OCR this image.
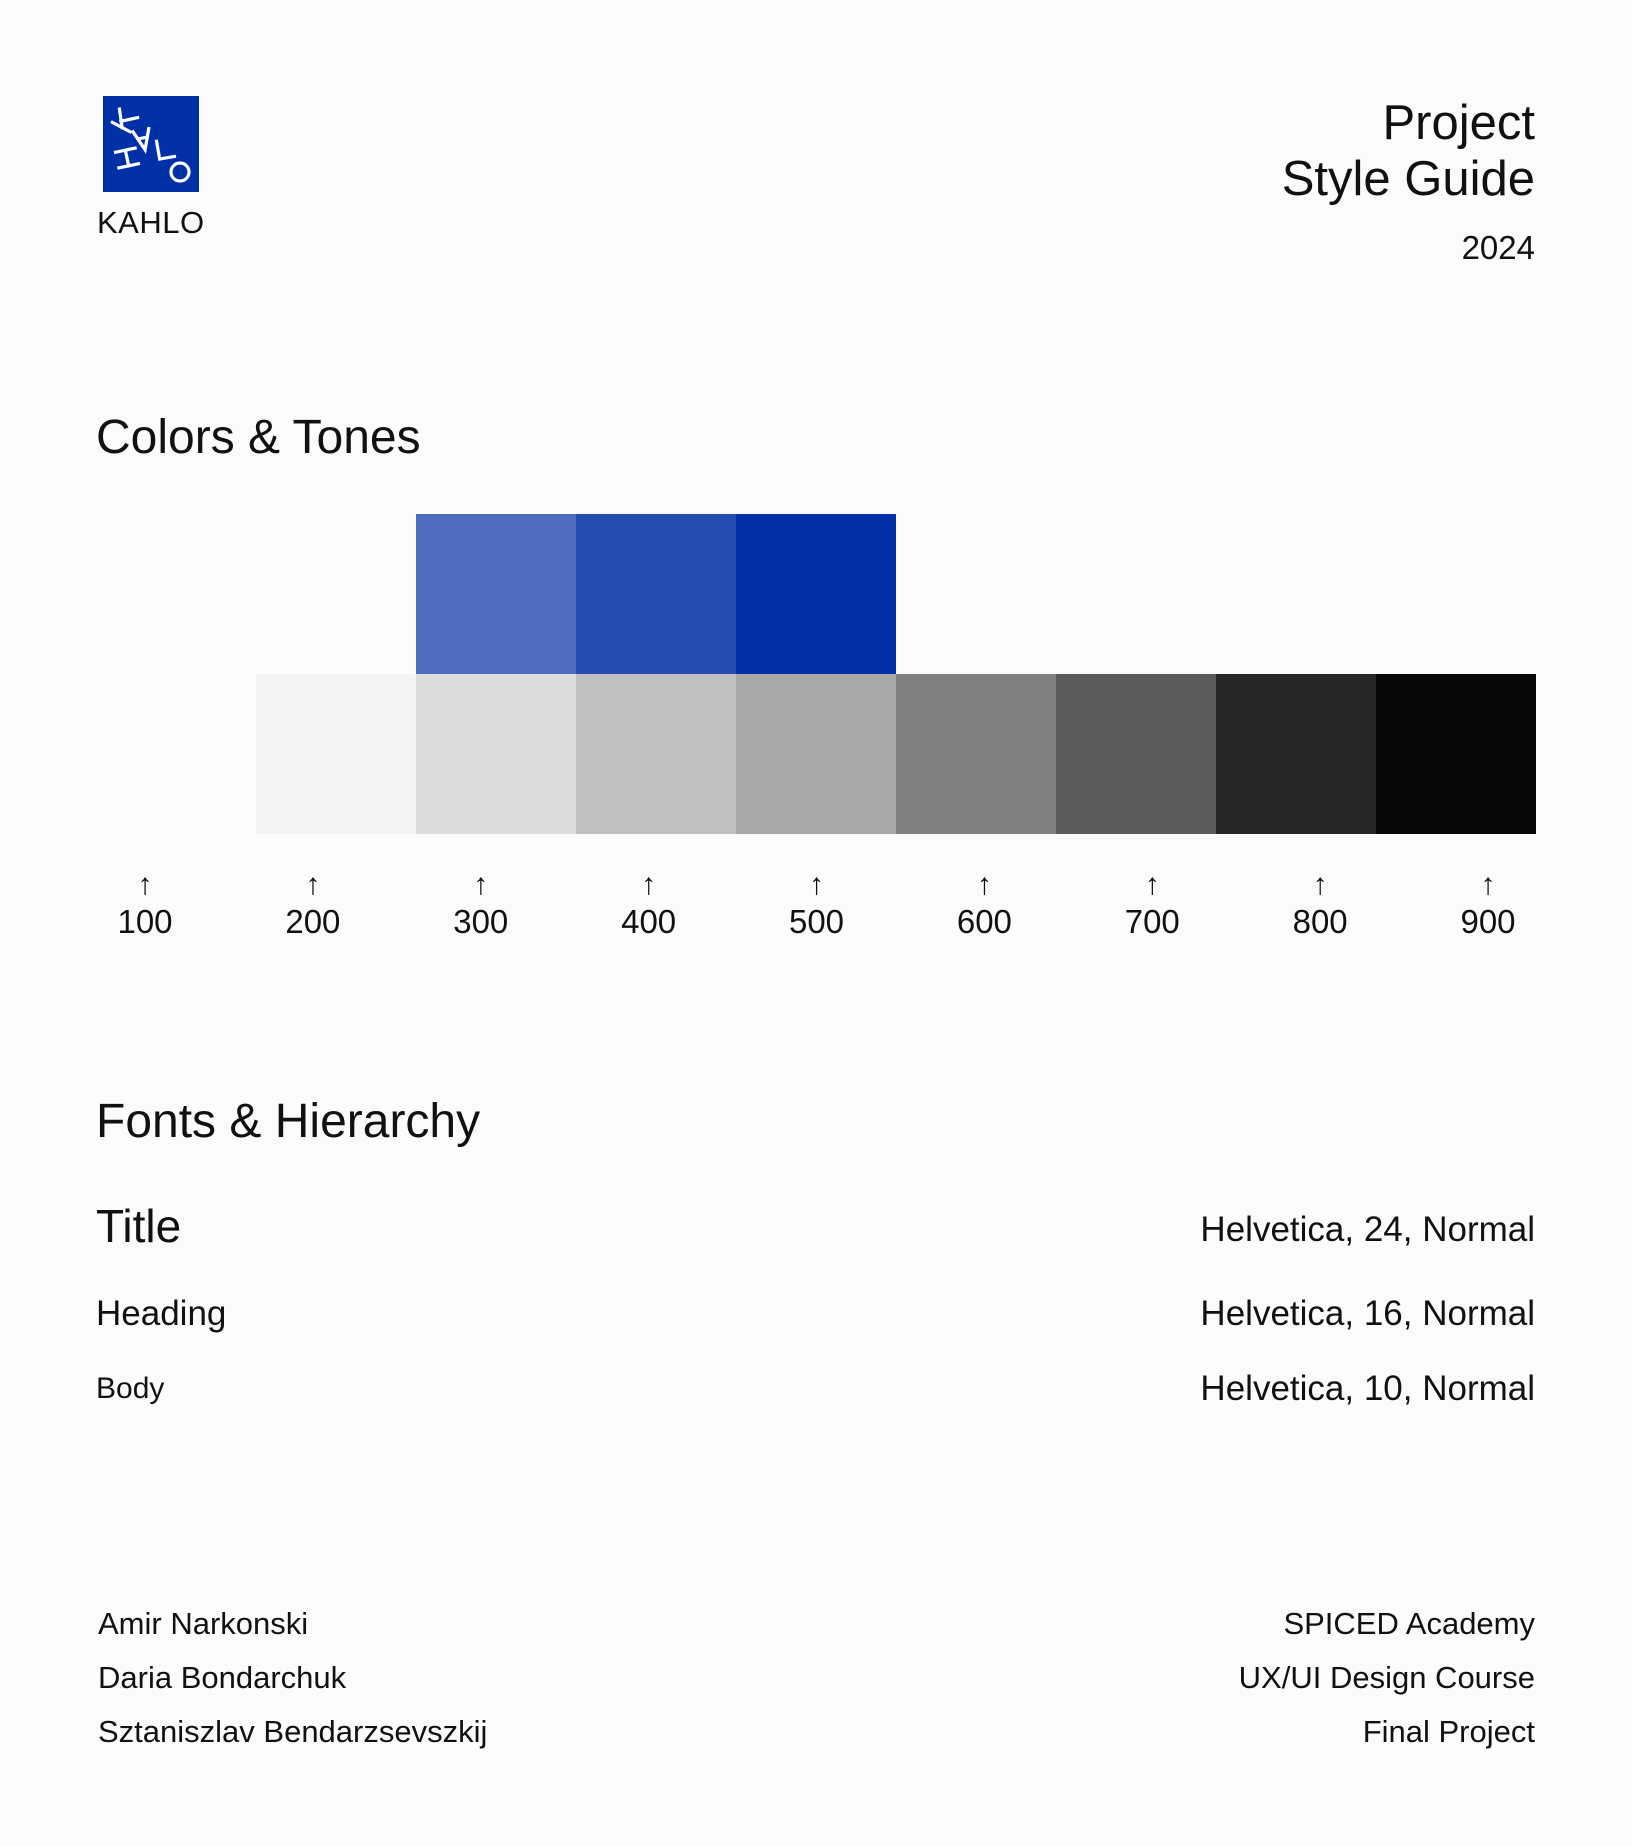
KAHLO
Project
Style Guide
2024
Colors & Tones
↑
100
↑
200
↑
300
↑
400
↑
500
↑
600
↑
700
↑
800
↑
900
Fonts & Hierarchy
Title	Helvetica, 24, Normal
Heading	Helvetica, 16, Normal
Body	Helvetica, 10, Normal
Amir Narkonski
Daria Bondarchuk
Sztaniszlav Bendarzsevszkij
SPICED Academy
UX/UI Design Course
Final Project
